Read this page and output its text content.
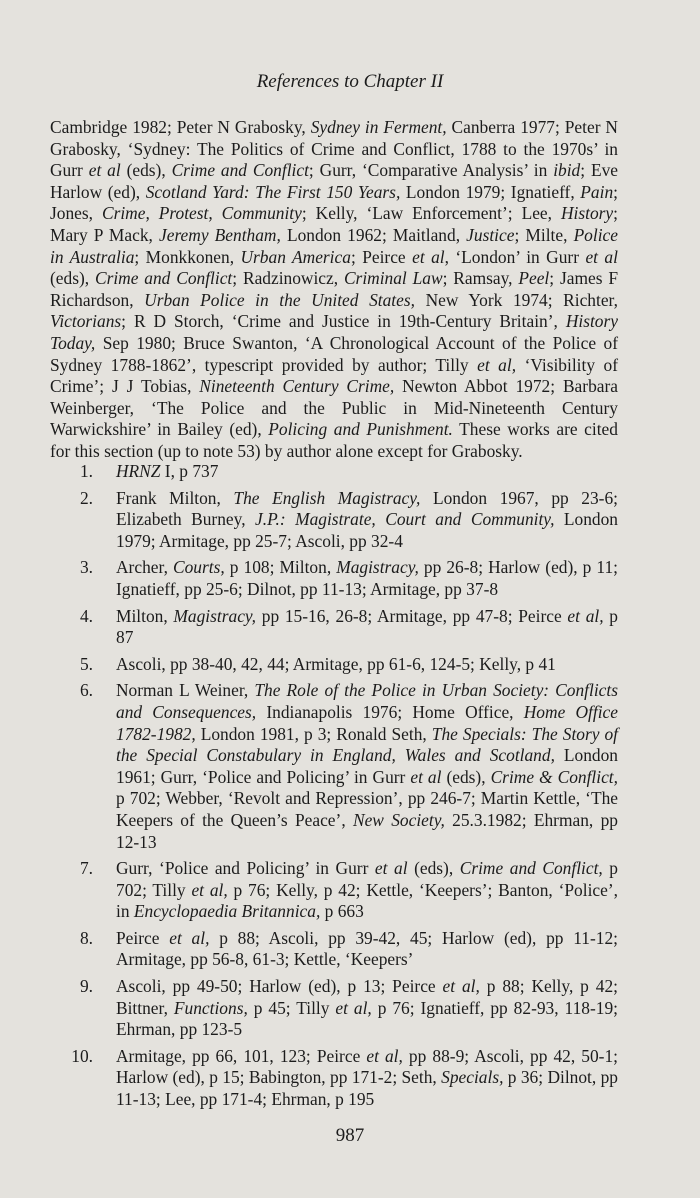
References to Chapter II

Cambridge 1982; Peter N Grabosky, Sydney in Ferment, Canberra 1977; Peter N Grabosky, ‘Sydney: The Politics of Crime and Conflict, 1788 to the 1970s’ in Gurr et al (eds), Crime and Conflict; Gurr, ‘Comparative Analysis’ in ibid; Eve Harlow (ed), Scotland Yard: The First 150 Years, London 1979; Ignatieff, Pain; Jones, Crime, Protest, Community; Kelly, ‘Law Enforcement’; Lee, History; Mary P Mack, Jeremy Bentham, London 1962; Maitland, Justice; Milte, Police in Australia; Monkkonen, Urban America; Peirce et al, ‘London’ in Gurr et al (eds), Crime and Conflict; Radzinowicz, Criminal Law; Ramsay, Peel; James F Richardson, Urban Police in the United States, New York 1974; Richter, Victorians; R D Storch, ‘Crime and Justice in 19th-Century Britain’, History Today, Sep 1980; Bruce Swanton, ‘A Chronological Account of the Police of Sydney 1788-1862’, typescript provided by author; Tilly et al, ‘Visibility of Crime’; J J Tobias, Nineteenth Century Crime, Newton Abbot 1972; Barbara Weinberger, ‘The Police and the Public in Mid-Nineteenth Century Warwickshire’ in Bailey (ed), Policing and Punishment. These works are cited for this section (up to note 53) by author alone except for Grabosky.

1. HRNZ I, p 737
2. Frank Milton, The English Magistracy, London 1967, pp 23-6; Elizabeth Burney, J.P.: Magistrate, Court and Community, London 1979; Armitage, pp 25-7; Ascoli, pp 32-4
3. Archer, Courts, p 108; Milton, Magistracy, pp 26-8; Harlow (ed), p 11; Ignatieff, pp 25-6; Dilnot, pp 11-13; Armitage, pp 37-8
4. Milton, Magistracy, pp 15-16, 26-8; Armitage, pp 47-8; Peirce et al, p 87
5. Ascoli, pp 38-40, 42, 44; Armitage, pp 61-6, 124-5; Kelly, p 41
6. Norman L Weiner, The Role of the Police in Urban Society: Conflicts and Consequences, Indianapolis 1976; Home Office, Home Office 1782-1982, London 1981, p 3; Ronald Seth, The Specials: The Story of the Special Constabulary in England, Wales and Scotland, London 1961; Gurr, ‘Police and Policing’ in Gurr et al (eds), Crime & Conflict, p 702; Webber, ‘Revolt and Repression’, pp 246-7; Martin Kettle, ‘The Keepers of the Queen’s Peace’, New Society, 25.3.1982; Ehrman, pp 12-13
7. Gurr, ‘Police and Policing’ in Gurr et al (eds), Crime and Conflict, p 702; Tilly et al, p 76; Kelly, p 42; Kettle, ‘Keepers’; Banton, ‘Police’, in Encyclopaedia Britannica, p 663
8. Peirce et al, p 88; Ascoli, pp 39-42, 45; Harlow (ed), pp 11-12; Armitage, pp 56-8, 61-3; Kettle, ‘Keepers’
9. Ascoli, pp 49-50; Harlow (ed), p 13; Peirce et al, p 88; Kelly, p 42; Bittner, Functions, p 45; Tilly et al, p 76; Ignatieff, pp 82-93, 118-19; Ehrman, pp 123-5
10. Armitage, pp 66, 101, 123; Peirce et al, pp 88-9; Ascoli, pp 42, 50-1; Harlow (ed), p 15; Babington, pp 171-2; Seth, Specials, p 36; Dilnot, pp 11-13; Lee, pp 171-4; Ehrman, p 195
987
